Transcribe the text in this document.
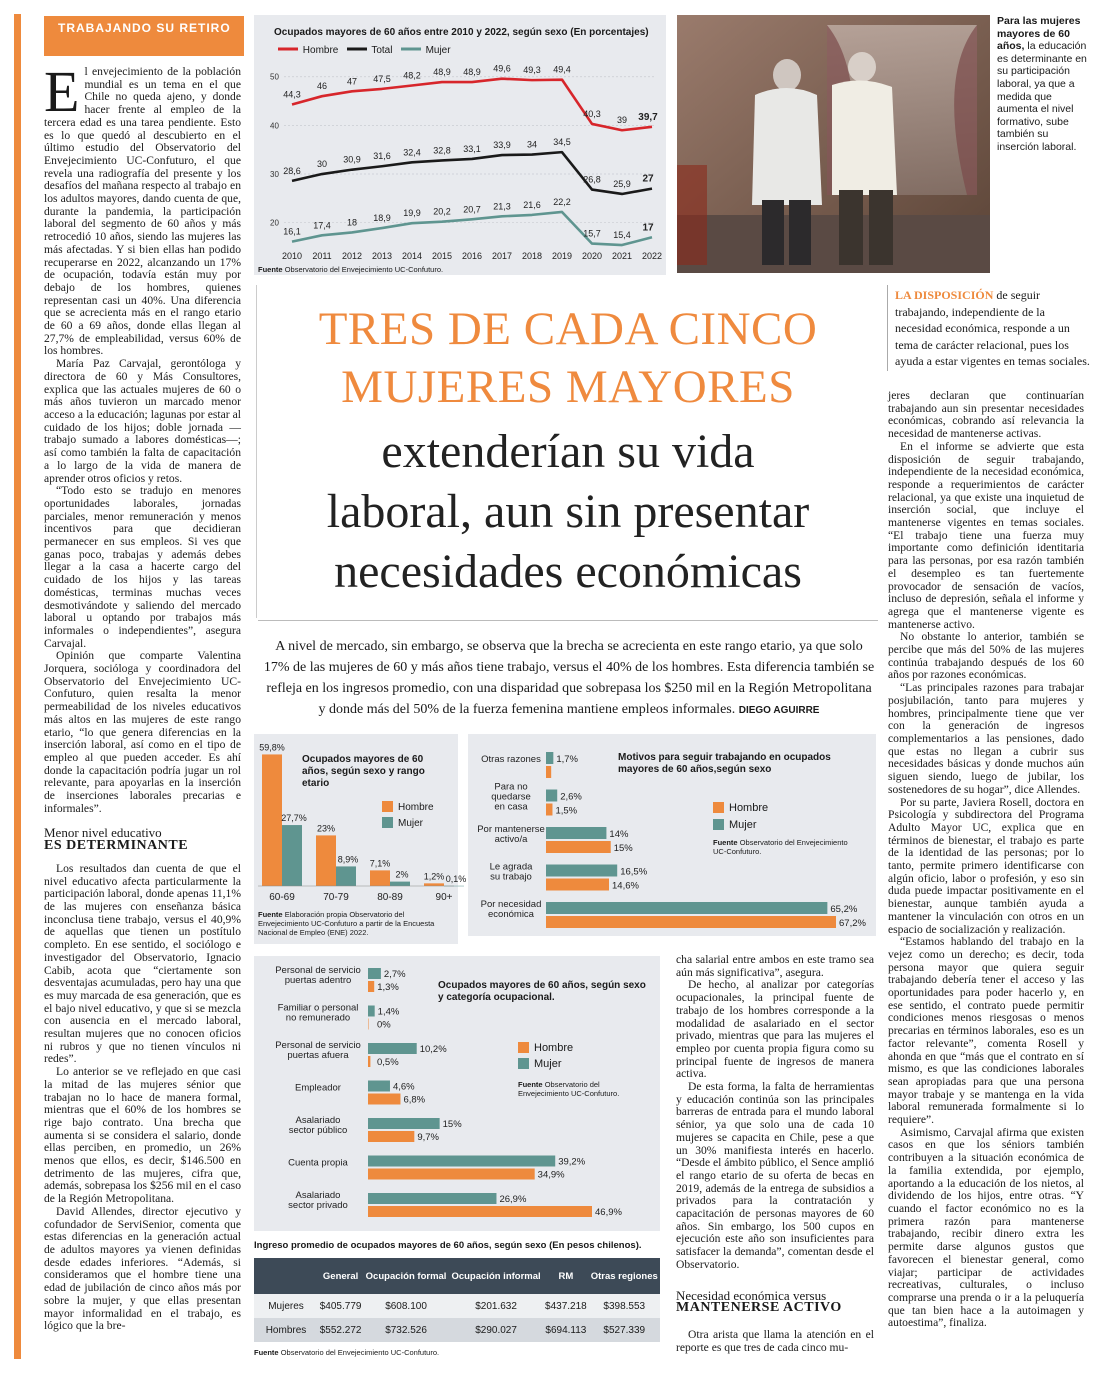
TRABAJANDO SU RETIRO

El envejecimiento de la población mundial es un tema en el que Chile no queda ajeno, y donde hacer frente al empleo de la tercera edad es una tarea pendiente. Esto es lo que quedó al descubierto en el último estudio del Observatorio del Envejecimiento UC-Confuturo, el que revela una radiografía del presente y los desafíos del mañana respecto al trabajo en los adultos mayores, dando cuenta de que, durante la pandemia, la participación laboral del segmento de 60 años y más retrocedió 10 años, siendo las mujeres las más afectadas. Y si bien ellas han podido recuperarse en 2022, alcanzando un 17% de ocupación, todavía están muy por debajo de los hombres, quienes representan casi un 40%. Una diferencia que se acrecienta más en el rango etario de 60 a 69 años, donde ellas llegan al 27,7% de empleabilidad, versus 60% de los hombres.

María Paz Carvajal, gerontóloga y directora de 60 y Más Consultores, explica que las actuales mujeres de 60 o más años tuvieron un marcado menor acceso a la educación; lagunas por estar al cuidado de los hijos; doble jornada —trabajo sumado a labores domésticas—; así como también la falta de capacitación a lo largo de la vida de manera de aprender otros oficios y retos.

“Todo esto se tradujo en menores oportunidades laborales, jornadas parciales, menor remuneración y menos incentivos para que decidieran permanecer en sus empleos. Si ves que ganas poco, trabajas y además debes llegar a la casa a hacerte cargo del cuidado de los hijos y las tareas domésticas, terminas muchas veces desmotivándote y saliendo del mercado laboral u optando por trabajos más informales o independientes”, asegura Carvajal.

Opinión que comparte Valentina Jorquera, socióloga y coordinadora del Observatorio del Envejecimiento UC-Confuturo, quien resalta la menor permeabilidad de los niveles educativos más altos en las mujeres de este rango etario, “lo que genera diferencias en la inserción laboral, así como en el tipo de empleo al que pueden acceder. Es ahí donde la capacitación podría jugar un rol relevante, para apoyarlas en la inserción de inserciones laborales precarias e informales”.

Menor nivel educativo
ES DETERMINANTE

Los resultados dan cuenta de que el nivel educativo afecta particularmente la participación laboral, donde apenas 11,1% de las mujeres con enseñanza básica inconclusa tiene trabajo, versus el 40,9% de aquellas que tienen un postítulo completo. En ese sentido, el sociólogo e investigador del Observatorio, Ignacio Cabib, acota que “ciertamente son desventajas acumuladas, pero hay una que es muy marcada de esa generación, que es el bajo nivel educativo, y que si se mezcla con ausencia en el mercado laboral, resultan mujeres que no conocen oficios ni rubros y que no tienen vínculos ni redes”.

Lo anterior se ve reflejado en que casi la mitad de las mujeres sénior que trabajan no lo hace de manera formal, mientras que el 60% de los hombres se rige bajo contrato. Una brecha que aumenta si se considera el salario, donde ellas perciben, en promedio, un 26% menos que ellos, es decir, $146.500 en detrimento de las mujeres, cifra que, además, sobrepasa los $256 mil en el caso de la Región Metropolitana.

David Allendes, director ejecutivo y cofundador de ServiSenior, comenta que estas diferencias en la generación actual de adultos mayores ya vienen definidas desde edades inferiores. “Además, si consideramos que el hombre tiene una edad de jubilación de cinco años más por sobre la mujer, y que ellas presentan mayor informalidad en el trabajo, es lógico que la bre-

Ocupados mayores de 60 años entre 2010 y 2022, según sexo (En porcentajes)
Hombre	Total	Mujer
20
30
40
50
2010 2011 2012 2013 2014 2015 2016 2017 2018 2019 2020 2021 2022
44,3
46 47 47,5 48,2 48,9 48,9 49,6 49,3 49,4
40,3
39 39,7
28,6
30 30,9 31,6 32,4 32,8 33,1 33,9 34 34,5
26,8 25,9 27
16,1
17,4 18 18,9 19,9 20,2 20,7 21,3 21,6 22,2
15,7 15,4
17
Fuente Observatorio del Envejecimiento UC-Confuturo.
Para las mujeres mayores de 60 años, la educación es determinante en su participación laboral, ya que a medida que aumenta el nivel formativo, sube también su inserción laboral.
LA DISPOSICIÓN de seguir trabajando, independiente de la necesidad económica, responde a un tema de carácter relacional, pues los ayuda a estar vigentes en temas sociales.
TRES DE CADA CINCO
MUJERES MAYORES
extenderían su vida
laboral, aun sin presentar
necesidades económicas
A nivel de mercado, sin embargo, se observa que la brecha se acrecienta en este rango etario, ya que solo 17% de las mujeres de 60 y más años tiene trabajo, versus el 40% de los hombres. Esta diferencia también se refleja en los ingresos promedio, con una disparidad que sobrepasa los $250 mil en la Región Metropolitana y donde más del 50% de la fuerza femenina mantiene empleos informales. DIEGO AGUIRRE

jeres declaran que continuarían trabajando aun sin presentar necesidades económicas, cobrando así relevancia la necesidad de mantenerse activas.

En el informe se advierte que esta disposición de seguir trabajando, independiente de la necesidad económica, responde a requerimientos de carácter relacional, ya que existe una inquietud de inserción social, que incluye el mantenerse vigentes en temas sociales. “El trabajo tiene una fuerza muy importante como definición identitaria para las personas, por esa razón también el desempleo es tan fuertemente provocador de sensación de vacíos, incluso de depresión, señala el informe y agrega que el mantenerse vigente es mantenerse activo.

No obstante lo anterior, también se percibe que más del 50% de las mujeres continúa trabajando después de los 60 años por razones económicas.

“Las principales razones para trabajar posjubilación, tanto para mujeres y hombres, principalmente tiene que ver con la generación de ingresos complementarios a las pensiones, dado que estas no llegan a cubrir sus necesidades básicas y donde muchos aún siguen siendo, luego de jubilar, los sostenedores de su hogar”, dice Allendes.

Por su parte, Javiera Rosell, doctora en Psicología y subdirectora del Programa Adulto Mayor UC, explica que en términos de bienestar, el trabajo es parte de la identidad de las personas; por lo tanto, permite primero identificarse con algún oficio, labor o profesión, y eso sin duda puede impactar positivamente en el bienestar, aunque también ayuda a mantener la vinculación con otros en un espacio de socialización y realización.

“Estamos hablando del trabajo en la vejez como un derecho; es decir, toda persona mayor que quiera seguir trabajando debería tener el acceso y las oportunidades para poder hacerlo y, en ese sentido, el contrato puede permitir condiciones menos riesgosas o menos precarias en términos laborales, eso es un factor relevante”, comenta Rosell y ahonda en que “más que el contrato en sí mismo, es que las condiciones laborales sean apropiadas para que una persona mayor trabaje y se mantenga en la vida laboral remunerada formalmente si lo requiere”.

Asimismo, Carvajal afirma que existen casos en que los séniors también contribuyen a la situación económica de la familia extendida, por ejemplo, aportando a la educación de los nietos, al dividendo de los hijos, entre otras. “Y cuando el factor económico no es la primera razón para mantenerse trabajando, recibir dinero extra les permite darse algunos gustos que favorecen el bienestar general, como viajar; participar de actividades recreativas, culturales, o incluso comprarse una prenda o ir a la peluquería que tan bien hace a la autoimagen y autoestima”, finaliza.

Ocupados mayores de 60 años, según sexo y rango etario
Hombre
Mujer
59,8%
27,7%
60-69
23%
8,9%
70-79
7,1%
2%
80-89
1,2% 0,1%
90+
Fuente Elaboración propia Observatorio del Envejecimiento UC-Confuturo a partir de la Encuesta Nacional de Empleo (ENE) 2022.
Motivos para seguir trabajando en ocupados mayores de 60 años,según sexo
Hombre
Mujer
Fuente Observatorio del Envejecimiento UC-Confuturo.
Otras razones 1,7%
Para no
quedarse
en casa
2,6%
1,5%
Por mantenerse
activo/a	14%
15%
Le agrada
su trabajo	16,5%
14,6%
Por necesidad
económica	65,2%
67,2%
Ocupados mayores de 60 años, según sexo y categoría ocupacional.
Hombre
Mujer
Fuente Observatorio del Envejecimiento UC-Confuturo.
Personal de servicio
puertas adentro
2,7%
1,3%
Familiar o personal
no remunerado
1,4%
0%
Personal de servicio
puertas afuera
10,2%
0,5%
Empleador	4,6%
6,8%
Asalariado
sector público
15%
9,7%
Cuenta propia	39,2%
34,9%
Asalariado
sector privado
26,9%
46,9%
Ingreso promedio de ocupados mayores de 60 años, según sexo (En pesos chilenos).
	General	Ocupación formal	Ocupación informal	RM	Otras regiones
Mujeres	$405.779	$608.100	$201.632	$437.218	$398.553
Hombres	$552.272	$732.526	$290.027	$694.113	$527.339
Fuente Observatorio del Envejecimiento UC-Confuturo.

cha salarial entre ambos en este tramo sea aún más significativa”, asegura.

De hecho, al analizar por categorías ocupacionales, la principal fuente de trabajo de los hombres corresponde a la modalidad de asalariado en el sector privado, mientras que para las mujeres el empleo por cuenta propia figura como su principal fuente de ingresos de manera activa.

De esta forma, la falta de herramientas y educación continúa son las principales barreras de entrada para el mundo laboral sénior, ya que solo una de cada 10 mujeres se capacita en Chile, pese a que un 30% manifiesta interés en hacerlo. “Desde el ámbito público, el Sence amplió el rango etario de su oferta de becas en 2019, además de la entrega de subsidios a privados para la contratación y capacitación de personas mayores de 60 años. Sin embargo, los 500 cupos en ejecución este año son insuficientes para satisfacer la demanda”, comentan desde el Observatorio.

Necesidad económica versus
MANTENERSE ACTIVO

Otra arista que llama la atención en el reporte es que tres de cada cinco mu-
